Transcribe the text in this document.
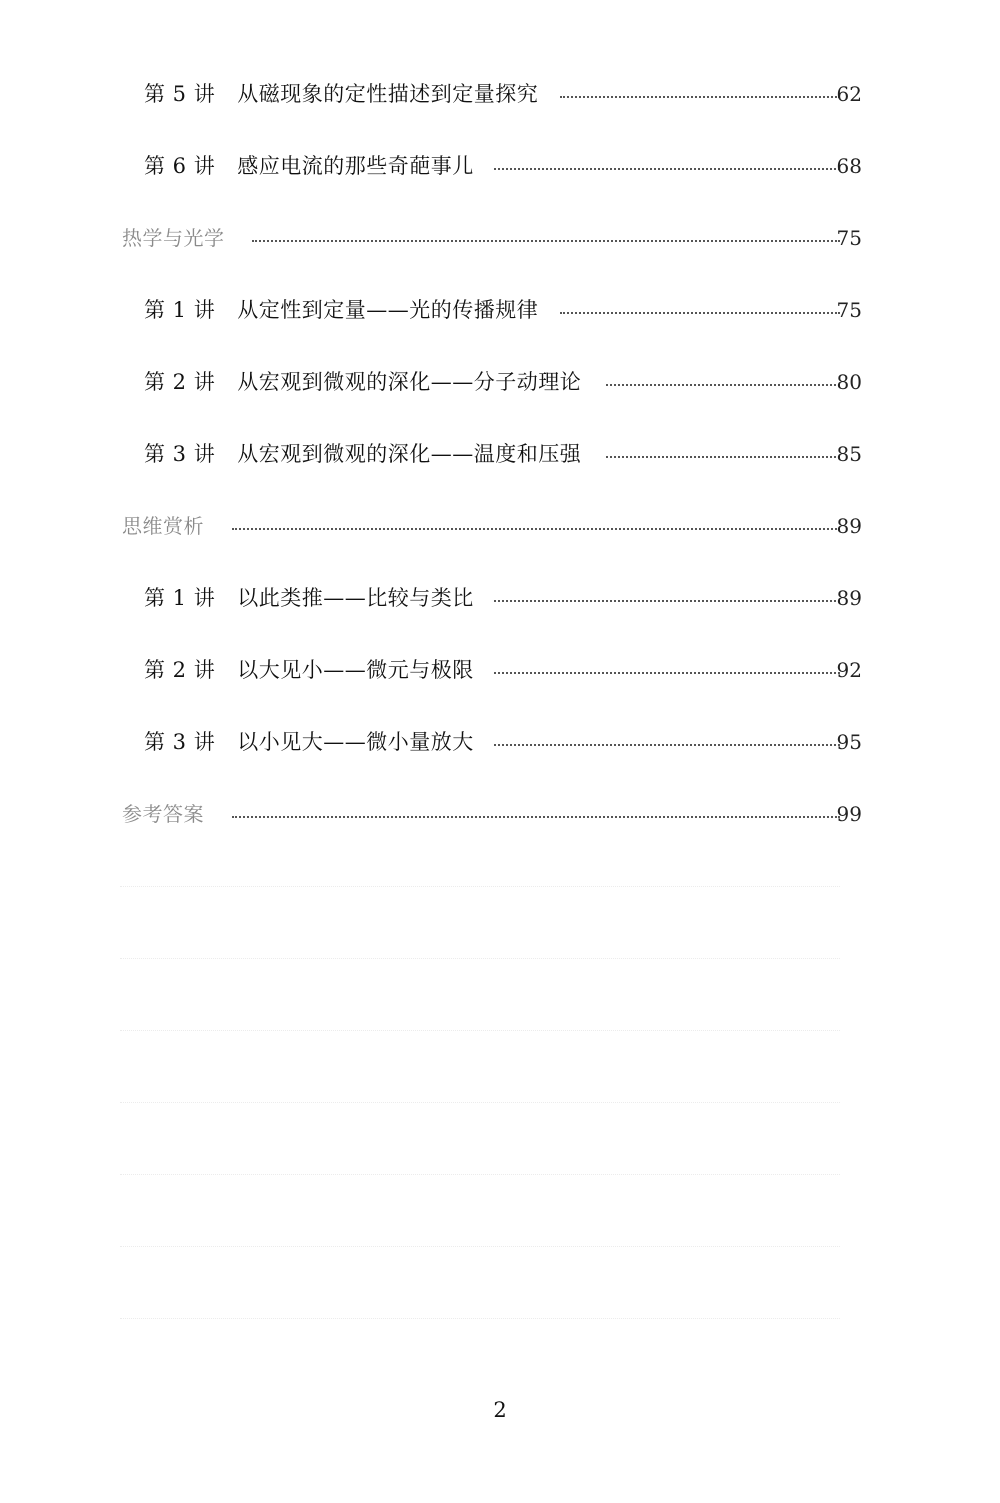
第 5 讲 从磁现象的定性描述到定量探究	62
第 6 讲 感应电流的那些奇葩事儿	68
热学与光学	75
第 1 讲 从定性到定量——光的传播规律	75
第 2 讲 从宏观到微观的深化——分子动理论	80
第 3 讲 从宏观到微观的深化——温度和压强	85
思维赏析	89
第 1 讲 以此类推——比较与类比	89
第 2 讲 以大见小——微元与极限	92
第 3 讲 以小见大——微小量放大	95
参考答案	99
2
